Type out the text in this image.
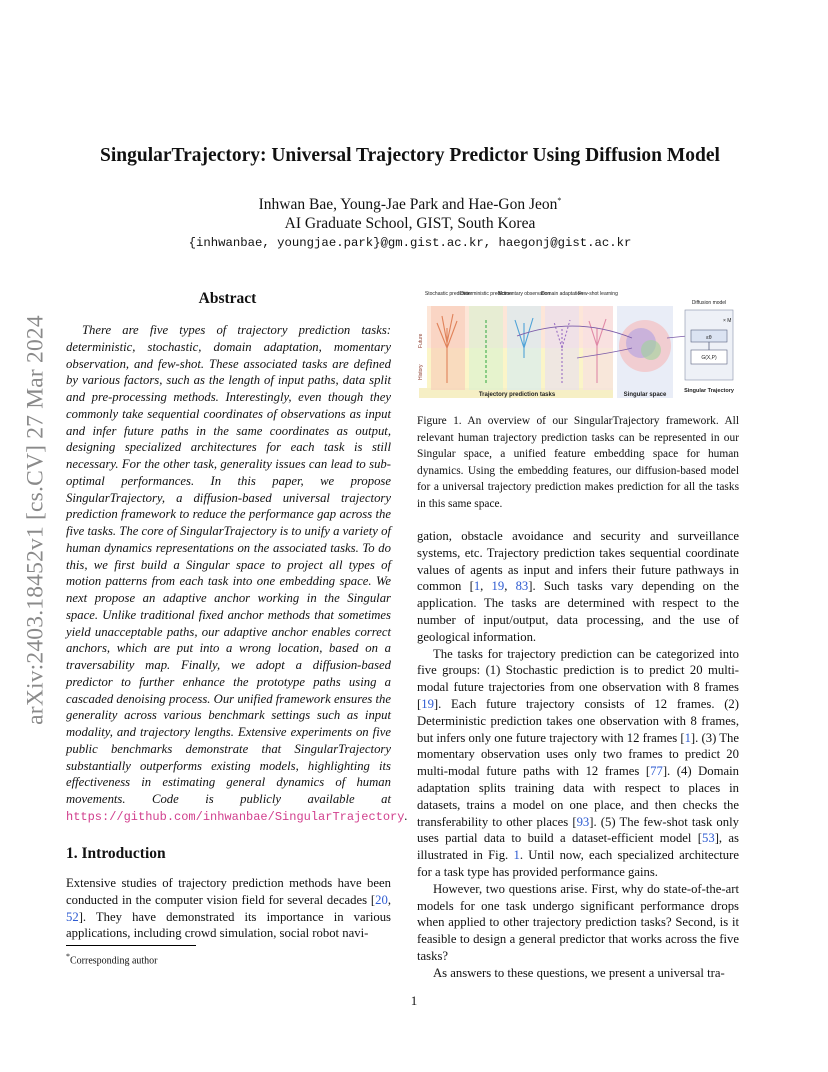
arXiv:2403.18452v1 [cs.CV] 27 Mar 2024
SingularTrajectory: Universal Trajectory Predictor Using Diffusion Model
Inhwan Bae, Young-Jae Park and Hae-Gon Jeon*
AI Graduate School, GIST, South Korea
{inhwanbae, youngjae.park}@gm.gist.ac.kr, haegonj@gist.ac.kr
Abstract
There are five types of trajectory prediction tasks: deterministic, stochastic, domain adaptation, momentary observation, and few-shot. These associated tasks are defined by various factors, such as the length of input paths, data split and pre-processing methods. Interestingly, even though they commonly take sequential coordinates of observations as input and infer future paths in the same coordinates as output, designing specialized architectures for each task is still necessary. For the other task, generality issues can lead to sub-optimal performances. In this paper, we propose SingularTrajectory, a diffusion-based universal trajectory prediction framework to reduce the performance gap across the five tasks. The core of SingularTrajectory is to unify a variety of human dynamics representations on the associated tasks. To do this, we first build a Singular space to project all types of motion patterns from each task into one embedding space. We next propose an adaptive anchor working in the Singular space. Unlike traditional fixed anchor methods that sometimes yield unacceptable paths, our adaptive anchor enables correct anchors, which are put into a wrong location, based on a traversability map. Finally, we adopt a diffusion-based predictor to further enhance the prototype paths using a cascaded denoising process. Our unified framework ensures the generality across various benchmark settings such as input modality, and trajectory lengths. Extensive experiments on five public benchmarks demonstrate that SingularTrajectory substantially outperforms existing models, highlighting its effectiveness in estimating general dynamics of human movements. Code is publicly available at https://github.com/inhwanbae/SingularTrajectory.
1. Introduction
Extensive studies of trajectory prediction methods have been conducted in the computer vision field for several decades [20, 52]. They have demonstrated its importance in various applications, including crowd simulation, social robot navi-
*Corresponding author
Stochastic prediction
Deterministic prediction
Momentary observation
Domain adaptation
Few-shot learning
Future
History
Trajectory prediction tasks	Singular space
Diffusion model
Singular Trajectory
εθ
G(X,P)
× M
Figure 1. An overview of our SingularTrajectory framework. All relevant human trajectory prediction tasks can be represented in our Singular space, a unified feature embedding space for human dynamics. Using the embedding features, our diffusion-based model for a universal trajectory prediction makes prediction for all the tasks in this same space.

gation, obstacle avoidance and security and surveillance systems, etc. Trajectory prediction takes sequential coordinate values of agents as input and infers their future pathways in common [1, 19, 83]. Such tasks vary depending on the application. The tasks are determined with respect to the number of input/output, data processing, and the use of geological information.

The tasks for trajectory prediction can be categorized into five groups: (1) Stochastic prediction is to predict 20 multi-modal future trajectories from one observation with 8 frames [19]. Each future trajectory consists of 12 frames. (2) Deterministic prediction takes one observation with 8 frames, but infers only one future trajectory with 12 frames [1]. (3) The momentary observation uses only two frames to predict 20 multi-modal future paths with 12 frames [77]. (4) Domain adaptation splits training data with respect to places in datasets, trains a model on one place, and then checks the transferability to other places [93]. (5) The few-shot task only uses partial data to build a dataset-efficient model [53], as illustrated in Fig. 1. Until now, each specialized architecture for a task type has provided performance gains.

However, two questions arise. First, why do state-of-the-art models for one task undergo significant performance drops when applied to other trajectory prediction tasks? Second, is it feasible to design a general predictor that works across the five tasks?

As answers to these questions, we present a universal tra-

1
